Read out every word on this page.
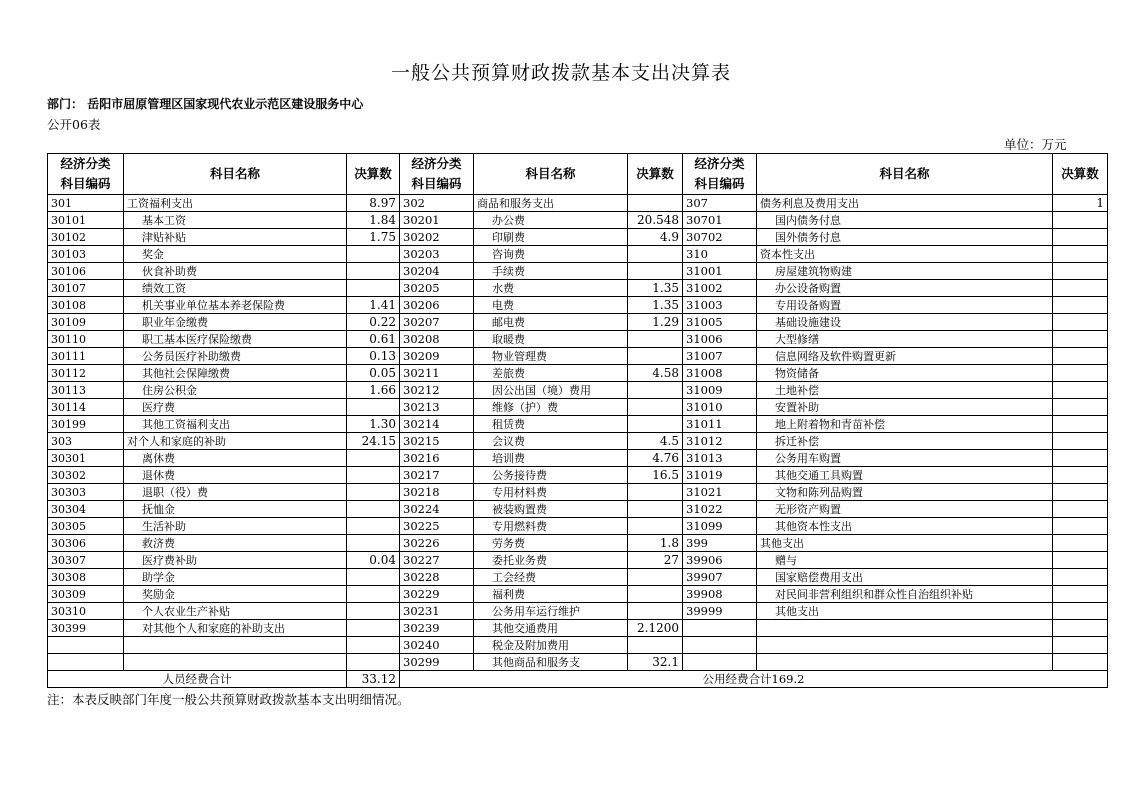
一般公共预算财政拨款基本支出决算表
部门： 岳阳市屈原管理区国家现代农业示范区建设服务中心
公开06表
单位：万元
经济分类
科目编码	科目名称	决算数	经济分类
科目编码	科目名称	决算数	经济分类
科目编码	科目名称	决算数
301	工资福利支出	8.97	302	商品和服务支出		307	债务利息及费用支出	1
30101	基本工资	1.84	30201	办公费	20.548	30701	国内债务付息	
30102	津贴补贴	1.75	30202	印刷费	4.9	30702	国外债务付息	
30103	奖金		30203	咨询费		310	资本性支出	
30106	伙食补助费		30204	手续费		31001	房屋建筑物购建	
30107	绩效工资		30205	水费	1.35	31002	办公设备购置	
30108	机关事业单位基本养老保险费	1.41	30206	电费	1.35	31003	专用设备购置	
30109	职业年金缴费	0.22	30207	邮电费	1.29	31005	基础设施建设	
30110	职工基本医疗保险缴费	0.61	30208	取暖费		31006	大型修缮	
30111	公务员医疗补助缴费	0.13	30209	物业管理费		31007	信息网络及软件购置更新	
30112	其他社会保障缴费	0.05	30211	差旅费	4.58	31008	物资储备	
30113	住房公积金	1.66	30212	因公出国（境）费用		31009	土地补偿	
30114	医疗费		30213	维修（护）费		31010	安置补助	
30199	其他工资福利支出	1.30	30214	租赁费		31011	地上附着物和青苗补偿	
303	对个人和家庭的补助	24.15	30215	会议费	4.5	31012	拆迁补偿	
30301	离休费		30216	培训费	4.76	31013	公务用车购置	
30302	退休费		30217	公务接待费	16.5	31019	其他交通工具购置	
30303	退职（役）费		30218	专用材料费		31021	文物和陈列品购置	
30304	抚恤金		30224	被装购置费		31022	无形资产购置	
30305	生活补助		30225	专用燃料费		31099	其他资本性支出	
30306	救济费		30226	劳务费	1.8	399	其他支出	
30307	医疗费补助	0.04	30227	委托业务费	27	39906	赠与	
30308	助学金		30228	工会经费		39907	国家赔偿费用支出	
30309	奖励金		30229	福利费		39908	对民间非营利组织和群众性自治组织补贴	
30310	个人农业生产补贴		30231	公务用车运行维护		39999	其他支出	
30399	对其他个人和家庭的补助支出		30239	其他交通费用	2.1200			
			30240	税金及附加费用				
			30299	其他商品和服务支	32.1			
人员经费合计		33.12	公用经费合计169.2					
注：本表反映部门年度一般公共预算财政拨款基本支出明细情况。
